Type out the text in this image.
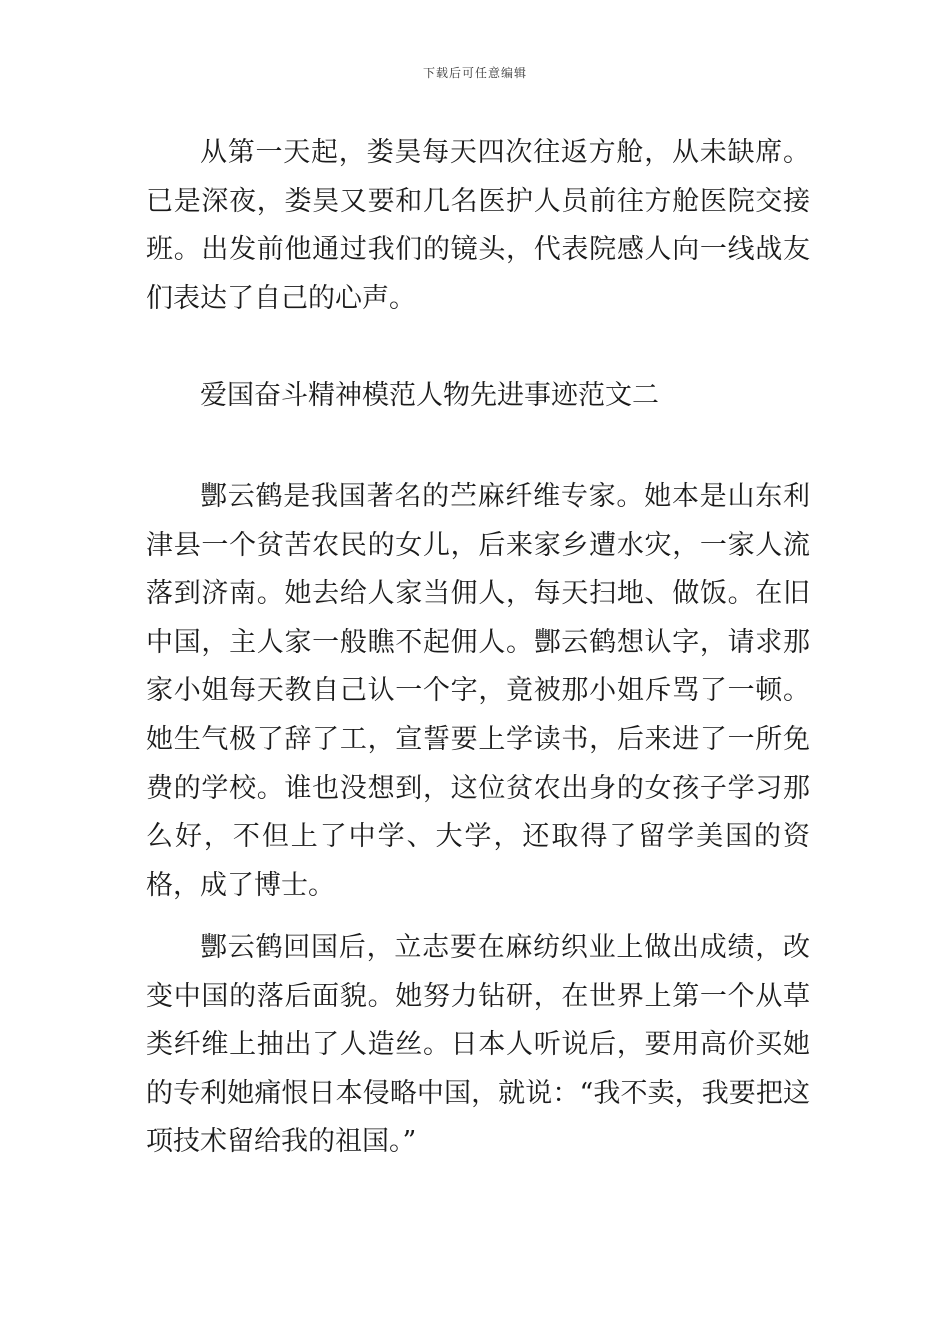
下载后可任意编辑

从第一天起，娄昊每天四次往返方舱，从未缺席。已是深夜，娄昊又要和几名医护人员前往方舱医院交接班。出发前他通过我们的镜头，代表院感人向一线战友们表达了自己的心声。

爱国奋斗精神模范人物先进事迹范文二

酆云鹤是我国著名的苎麻纤维专家。她本是山东利津县一个贫苦农民的女儿，后来家乡遭水灾，一家人流落到济南。她去给人家当佣人，每天扫地、做饭。在旧中国，主人家一般瞧不起佣人。酆云鹤想认字，请求那家小姐每天教自己认一个字，竟被那小姐斥骂了一顿。她生气极了辞了工，宣誓要上学读书，后来进了一所免费的学校。谁也没想到，这位贫农出身的女孩子学习那么好，不但上了中学、大学，还取得了留学美国的资格，成了博士。

酆云鹤回国后，立志要在麻纺织业上做出成绩，改变中国的落后面貌。她努力钻研，在世界上第一个从草类纤维上抽出了人造丝。日本人听说后，要用高价买她的专利她痛恨日本侵略中国，就说：“我不卖，我要把这项技术留给我的祖国。”
